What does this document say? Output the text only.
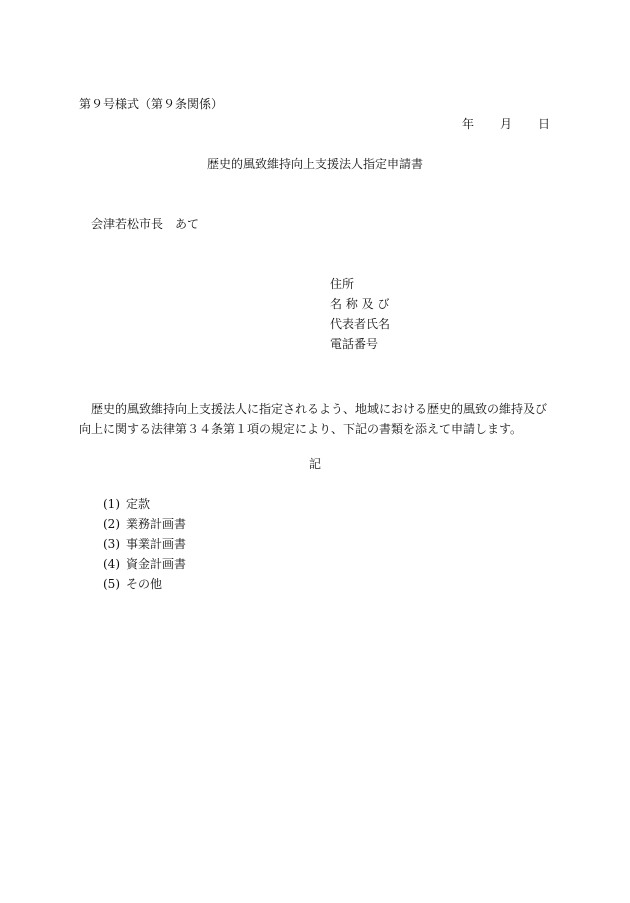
第９号様式（第９条関係）
年 月 日
歴史的風致維持向上支援法人指定申請書
会津若松市長　あて
住所
名 称 及 び
代表者氏名
電話番号
歴史的風致維持向上支援法人に指定されるよう、地域における歴史的風致の維持及び向上に関する法律第３４条第１項の規定により、下記の書類を添えて申請します。
記
(1) 定款
(2) 業務計画書
(3) 事業計画書
(4) 資金計画書
(5) その他
